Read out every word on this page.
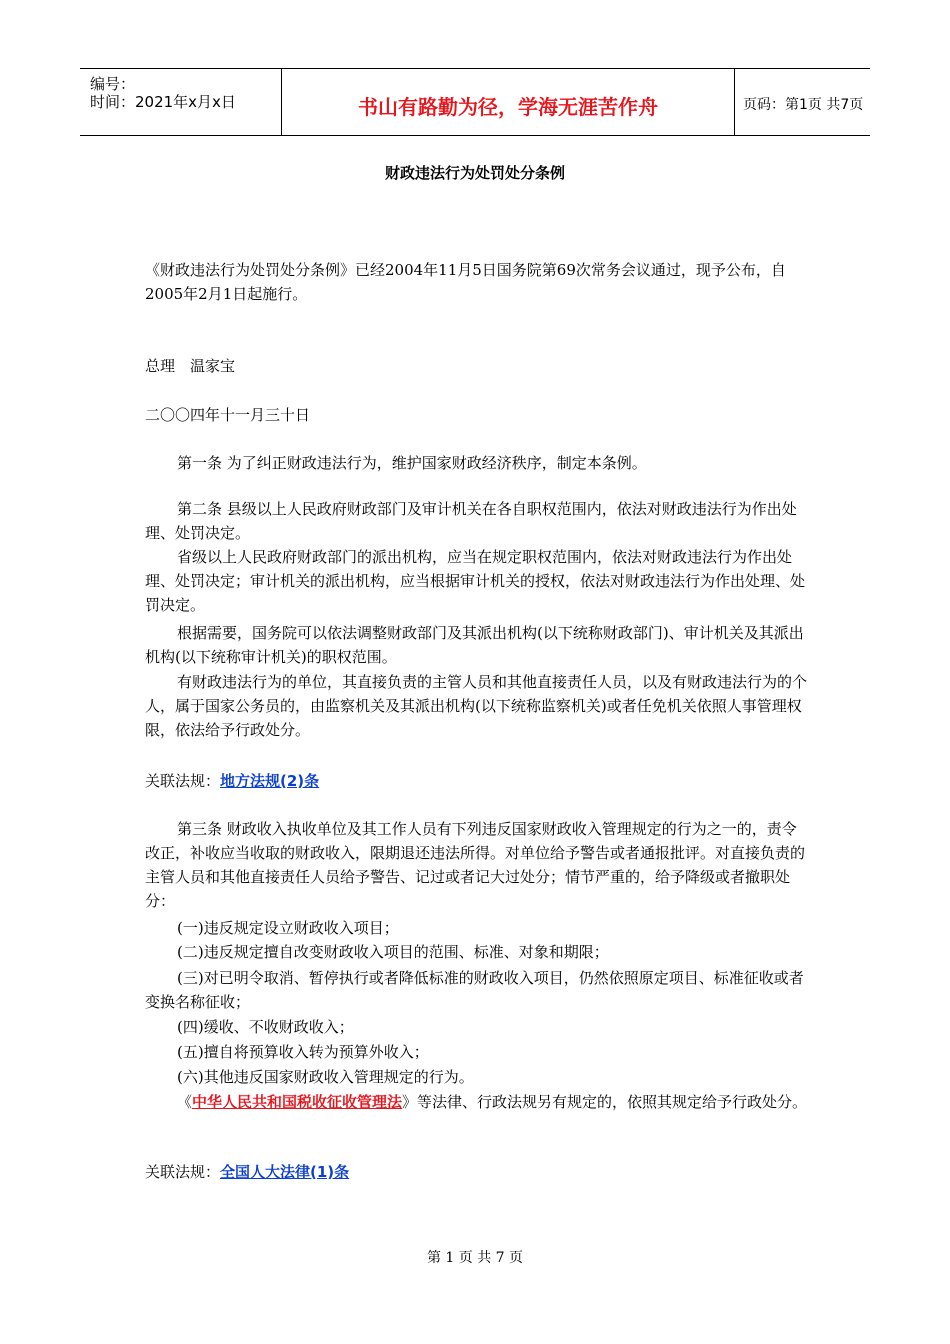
编号：
时间：2021年x月x日	书山有路勤为径，学海无涯苦作舟	页码：第1页 共7页
财政违法行为处罚处分条例

《财政违法行为处罚处分条例》已经2004年11月5日国务院第69次常务会议通过，现予公布，自2005年2月1日起施行。

总理　温家宝

二〇〇四年十一月三十日

第一条 为了纠正财政违法行为，维护国家财政经济秩序，制定本条例。

第二条 县级以上人民政府财政部门及审计机关在各自职权范围内，依法对财政违法行为作出处理、处罚决定。

省级以上人民政府财政部门的派出机构，应当在规定职权范围内，依法对财政违法行为作出处理、处罚决定；审计机关的派出机构，应当根据审计机关的授权，依法对财政违法行为作出处理、处罚决定。

根据需要，国务院可以依法调整财政部门及其派出机构(以下统称财政部门)、审计机关及其派出机构(以下统称审计机关)的职权范围。

有财政违法行为的单位，其直接负责的主管人员和其他直接责任人员，以及有财政违法行为的个人，属于国家公务员的，由监察机关及其派出机构(以下统称监察机关)或者任免机关依照人事管理权限，依法给予行政处分。

关联法规：地方法规(2)条

第三条 财政收入执收单位及其工作人员有下列违反国家财政收入管理规定的行为之一的，责令改正，补收应当收取的财政收入，限期退还违法所得。对单位给予警告或者通报批评。对直接负责的主管人员和其他直接责任人员给予警告、记过或者记大过处分；情节严重的，给予降级或者撤职处分：

(一)违反规定设立财政收入项目；

(二)违反规定擅自改变财政收入项目的范围、标准、对象和期限；

(三)对已明令取消、暂停执行或者降低标准的财政收入项目，仍然依照原定项目、标准征收或者变换名称征收；

(四)缓收、不收财政收入；

(五)擅自将预算收入转为预算外收入；

(六)其他违反国家财政收入管理规定的行为。

《中华人民共和国税收征收管理法》等法律、行政法规另有规定的，依照其规定给予行政处分。

关联法规：全国人大法律(1)条

第 1 页 共 7 页
